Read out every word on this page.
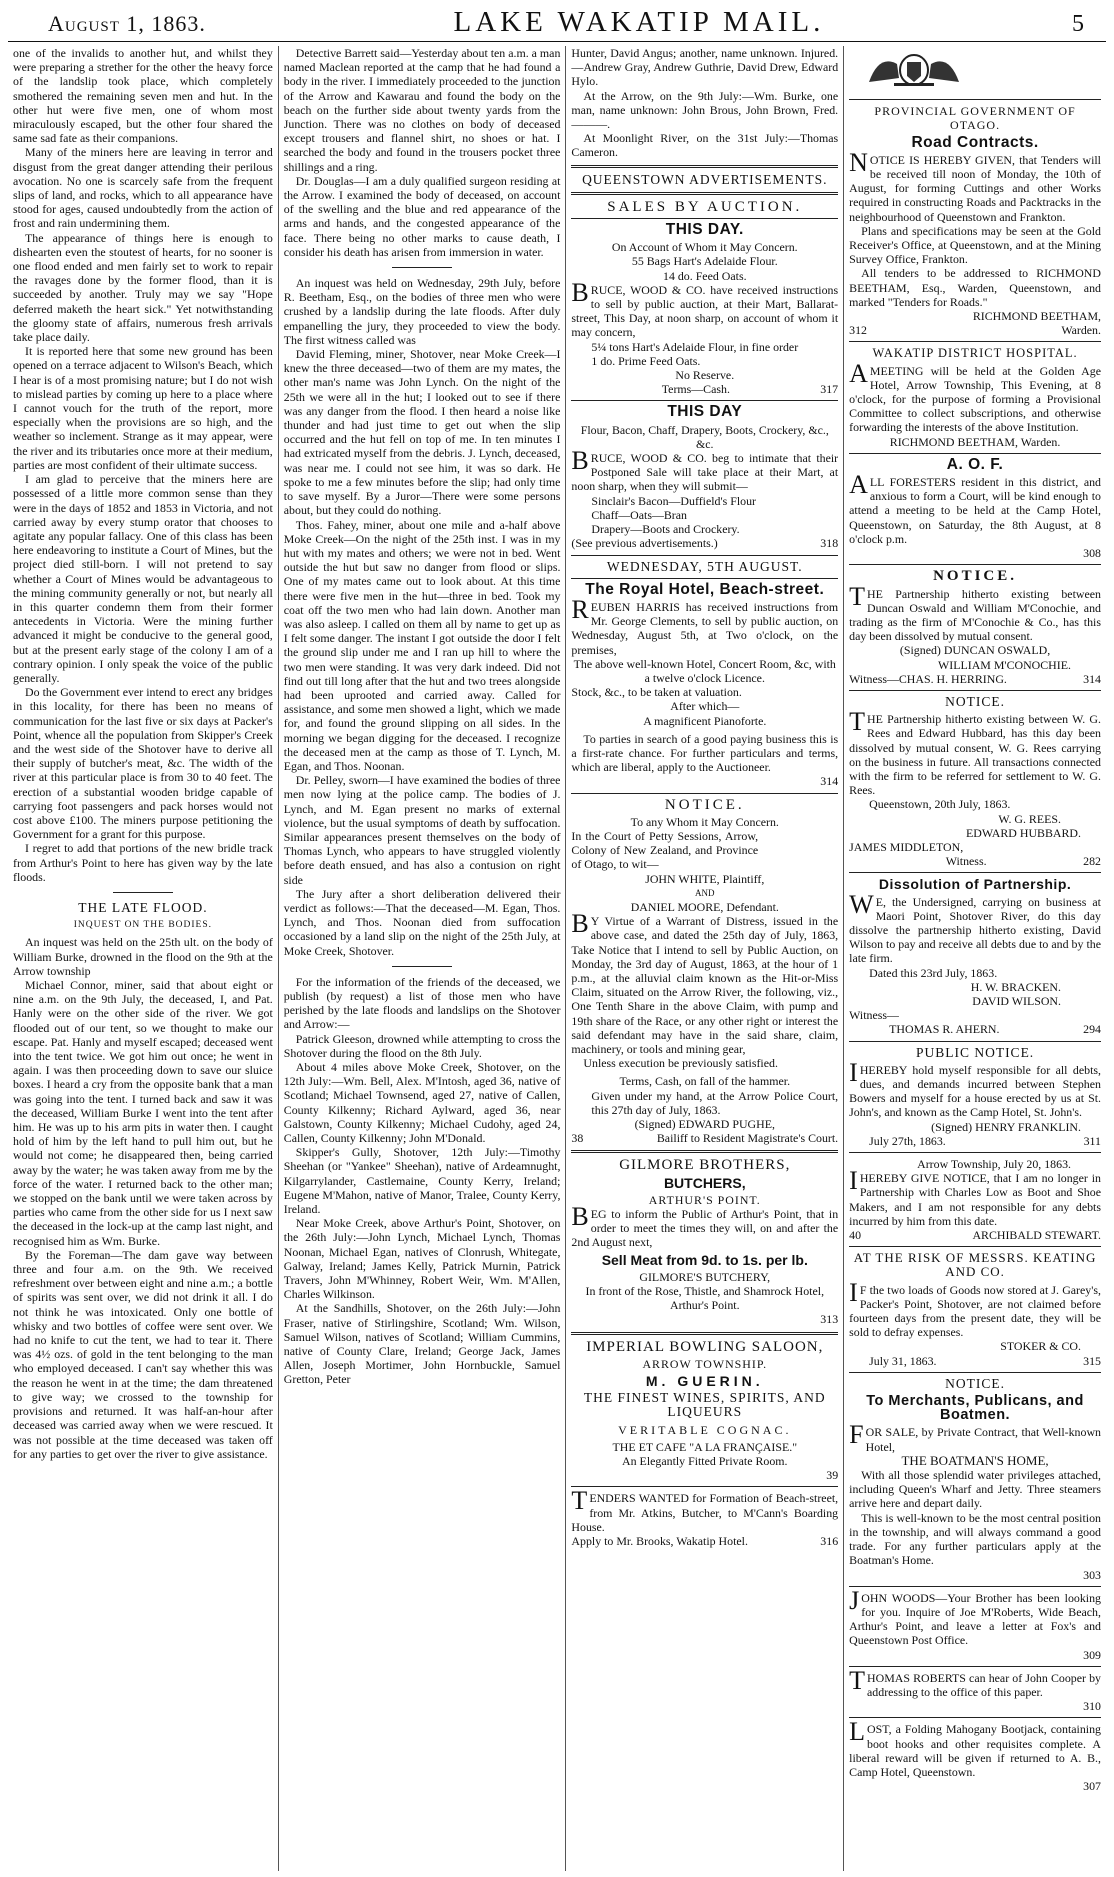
August 1, 1863.	LAKE WAKATIP MAIL.	5

one of the invalids to another hut, and whilst they were preparing a strether for the other the heavy force of the landslip took place, which completely smothered the remaining seven men and hut. In the other hut were five men, one of whom most miraculously escaped, but the other four shared the same sad fate as their companions.

Many of the miners here are leaving in terror and disgust from the great danger attending their perilous avocation. No one is scarcely safe from the frequent slips of land, and rocks, which to all appearance have stood for ages, caused undoubtedly from the action of frost and rain undermining them.

The appearance of things here is enough to dishearten even the stoutest of hearts, for no sooner is one flood ended and men fairly set to work to repair the ravages done by the former flood, than it is succeeded by another. Truly may we say "Hope deferred maketh the heart sick." Yet notwithstanding the gloomy state of affairs, numerous fresh arrivals take place daily.

It is reported here that some new ground has been opened on a terrace adjacent to Wilson's Beach, which I hear is of a most promising nature; but I do not wish to mislead parties by coming up here to a place where I cannot vouch for the truth of the report, more especially when the provisions are so high, and the weather so inclement. Strange as it may appear, were the river and its tributaries once more at their medium, parties are most confident of their ultimate success.

I am glad to perceive that the miners here are possessed of a little more common sense than they were in the days of 1852 and 1853 in Victoria, and not carried away by every stump orator that chooses to agitate any popular fallacy. One of this class has been here endeavoring to institute a Court of Mines, but the project died still-born. I will not pretend to say whether a Court of Mines would be advantageous to the mining community generally or not, but nearly all in this quarter condemn them from their former antecedents in Victoria. Were the mining further advanced it might be conducive to the general good, but at the present early stage of the colony I am of a contrary opinion. I only speak the voice of the public generally.

Do the Government ever intend to erect any bridges in this locality, for there has been no means of communication for the last five or six days at Packer's Point, whence all the population from Skipper's Creek and the west side of the Shotover have to derive all their supply of butcher's meat, &c. The width of the river at this particular place is from 30 to 40 feet. The erection of a substantial wooden bridge capable of carrying foot passengers and pack horses would not cost above £100. The miners purpose petitioning the Government for a grant for this purpose.

I regret to add that portions of the new bridle track from Arthur's Point to here has given way by the late floods.

THE LATE FLOOD.
INQUEST ON THE BODIES.

An inquest was held on the 25th ult. on the body of William Burke, drowned in the flood on the 9th at the Arrow township

Michael Connor, miner, said that about eight or nine a.m. on the 9th July, the deceased, I, and Pat. Hanly were on the other side of the river. We got flooded out of our tent, so we thought to make our escape. Pat. Hanly and myself escaped; deceased went into the tent twice. We got him out once; he went in again. I was then proceeding down to save our sluice boxes. I heard a cry from the opposite bank that a man was going into the tent. I turned back and saw it was the deceased, William Burke I went into the tent after him. He was up to his arm pits in water then. I caught hold of him by the left hand to pull him out, but he would not come; he disappeared then, being carried away by the water; he was taken away from me by the force of the water. I returned back to the other man; we stopped on the bank until we were taken across by parties who came from the other side for us I next saw the deceased in the lock-up at the camp last night, and recognised him as Wm. Burke.

By the Foreman—The dam gave way between three and four a.m. on the 9th. We received refreshment over between eight and nine a.m.; a bottle of spirits was sent over, we did not drink it all. I do not think he was intoxicated. Only one bottle of whisky and two bottles of coffee were sent over. We had no knife to cut the tent, we had to tear it. There was 4½ ozs. of gold in the tent belonging to the man who employed deceased. I can't say whether this was the reason he went in at the time; the dam threatened to give way; we crossed to the township for provisions and returned. It was half-an-hour after deceased was carried away when we were rescued. It was not possible at the time deceased was taken off for any parties to get over the river to give assistance.

Detective Barrett said—Yesterday about ten a.m. a man named Maclean reported at the camp that he had found a body in the river. I immediately proceeded to the junction of the Arrow and Kawarau and found the body on the beach on the further side about twenty yards from the Junction. There was no clothes on body of deceased except trousers and flannel shirt, no shoes or hat. I searched the body and found in the trousers pocket three shillings and a ring.

Dr. Douglas—I am a duly qualified surgeon residing at the Arrow. I examined the body of deceased, on account of the swelling and the blue and red appearance of the arms and hands, and the congested appearance of the face. There being no other marks to cause death, I consider his death has arisen from immersion in water.

An inquest was held on Wednesday, 29th July, before R. Beetham, Esq., on the bodies of three men who were crushed by a landslip during the late floods. After duly empanelling the jury, they proceeded to view the body. The first witness called was

David Fleming, miner, Shotover, near Moke Creek—I knew the three deceased—two of them are my mates, the other man's name was John Lynch. On the night of the 25th we were all in the hut; I looked out to see if there was any danger from the flood. I then heard a noise like thunder and had just time to get out when the slip occurred and the hut fell on top of me. In ten minutes I had extricated myself from the debris. J. Lynch, deceased, was near me. I could not see him, it was so dark. He spoke to me a few minutes before the slip; had only time to save myself. By a Juror—There were some persons about, but they could do nothing.

Thos. Fahey, miner, about one mile and a-half above Moke Creek—On the night of the 25th inst. I was in my hut with my mates and others; we were not in bed. Went outside the hut but saw no danger from flood or slips. One of my mates came out to look about. At this time there were five men in the hut—three in bed. Took my coat off the two men who had lain down. Another man was also asleep. I called on them all by name to get up as I felt some danger. The instant I got outside the door I felt the ground slip under me and I ran up hill to where the two men were standing. It was very dark indeed. Did not find out till long after that the hut and two trees alongside had been uprooted and carried away. Called for assistance, and some men showed a light, which we made for, and found the ground slipping on all sides. In the morning we began digging for the deceased. I recognize the deceased men at the camp as those of T. Lynch, M. Egan, and Thos. Noonan.

Dr. Pelley, sworn—I have examined the bodies of three men now lying at the police camp. The bodies of J. Lynch, and M. Egan present no marks of external violence, but the usual symptoms of death by suffocation. Similar appearances present themselves on the body of Thomas Lynch, who appears to have struggled violently before death ensued, and has also a contusion on right side

The Jury after a short deliberation delivered their verdict as follows:—That the deceased—M. Egan, Thos. Lynch, and Thos. Noonan died from suffocation occasioned by a land slip on the night of the 25th July, at Moke Creek, Shotover.

For the information of the friends of the deceased, we publish (by request) a list of those men who have perished by the late floods and landslips on the Shotover and Arrow:—

Patrick Gleeson, drowned while attempting to cross the Shotover during the flood on the 8th July.

About 4 miles above Moke Creek, Shotover, on the 12th July:—Wm. Bell, Alex. M'Intosh, aged 36, native of Scotland; Michael Townsend, aged 27, native of Callen, County Kilkenny; Richard Aylward, aged 36, near Galstown, County Kilkenny; Michael Cudohy, aged 24, Callen, County Kilkenny; John M'Donald.

Skipper's Gully, Shotover, 12th July:—Timothy Sheehan (or "Yankee" Sheehan), native of Ardeamnught, Kilgarrylander, Castlemaine, County Kerry, Ireland; Eugene M'Mahon, native of Manor, Tralee, County Kerry, Ireland.

Near Moke Creek, above Arthur's Point, Shotover, on the 26th July:—John Lynch, Michael Lynch, Thomas Noonan, Michael Egan, natives of Clonrush, Whitegate, Galway, Ireland; James Kelly, Patrick Murnin, Patrick Travers, John M'Whinney, Robert Weir, Wm. M'Allen, Charles Wilkinson.

At the Sandhills, Shotover, on the 26th July:—John Fraser, native of Stirlingshire, Scotland; Wm. Wilson, Samuel Wilson, natives of Scotland; William Cummins, native of County Clare, Ireland; George Jack, James Allen, Joseph Mortimer, John Hornbuckle, Samuel Gretton, Peter

Hunter, David Angus; another, name unknown. Injured.—Andrew Gray, Andrew Guthrie, David Drew, Edward Hylo.

At the Arrow, on the 9th July:—Wm. Burke, one man, name unknown: John Brous, John Brown, Fred. ———.

At Moonlight River, on the 31st July:—Thomas Cameron.

QUEENSTOWN ADVERTISEMENTS.
SALES BY AUCTION.
THIS DAY.
On Account of Whom it May Concern.
55 Bags Hart's Adelaide Flour.
14 do. Feed Oats.

BRUCE, WOOD & CO. have received instructions to sell by public auction, at their Mart, Ballarat-street, This Day, at noon sharp, on account of whom it may concern,

5¼ tons Hart's Adelaide Flour, in fine order
1 do. Prime Feed Oats.
No Reserve.
Terms—Cash.	317
THIS DAY
Flour, Bacon, Chaff, Drapery, Boots, Crockery, &c., &c.

BRUCE, WOOD & CO. beg to intimate that their Postponed Sale will take place at their Mart, at noon sharp, when they will submit—

Sinclair's Bacon—Duffield's Flour
Chaff—Oats—Bran
Drapery—Boots and Crockery.
(See previous advertisements.)	318
WEDNESDAY, 5TH AUGUST.
The Royal Hotel, Beach-street.

REUBEN HARRIS has received instructions from Mr. George Clements, to sell by public auction, on Wednesday, August 5th, at Two o'clock, on the premises,

The above well-known Hotel, Concert Room, &c, with a twelve o'clock Licence.
Stock, &c., to be taken at valuation.
After which—
A magnificent Pianoforte.

To parties in search of a good paying business this is a first-rate chance. For further particulars and terms, which are liberal, apply to the Auctioneer.

314
NOTICE.
To any Whom it May Concern.

In the Court of Petty Sessions, Arrow, Colony of New Zealand, and Province of Otago, to wit—

JOHN WHITE, Plaintiff,
AND
DANIEL MOORE, Defendant.

BY Virtue of a Warrant of Distress, issued in the above case, and dated the 25th day of July, 1863, Take Notice that I intend to sell by Public Auction, on Monday, the 3rd day of August, 1863, at the hour of 1 p.m., at the alluvial claim known as the Hit-or-Miss Claim, situated on the Arrow River, the following, viz., One Tenth Share in the above Claim, with pump and 19th share of the Race, or any other right or interest the said defendant may have in the said share, claim, machinery, or tools and mining gear,

Unless execution be previously satisfied.

Terms, Cash, on fall of the hammer.
Given under my hand, at the Arrow Police Court, this 27th day of July, 1863.
(Signed) EDWARD PUGHE,
38	Bailiff to Resident Magistrate's Court.
GILMORE BROTHERS,
BUTCHERS,
ARTHUR'S POINT.

BEG to inform the Public of Arthur's Point, that in order to meet the times they will, on and after the 2nd August next,

Sell Meat from 9d. to 1s. per lb.
GILMORE'S BUTCHERY,
In front of the Rose, Thistle, and Shamrock Hotel, Arthur's Point.
313
IMPERIAL BOWLING SALOON,
ARROW TOWNSHIP.
M. GUERIN.
THE FINEST WINES, SPIRITS, AND LIQUEURS
VERITABLE COGNAC.
THE ET CAFE "A LA FRANÇAISE."
An Elegantly Fitted Private Room.
39

TENDERS WANTED for Formation of Beach-street, from Mr. Atkins, Butcher, to M'Cann's Boarding House.

Apply to Mr. Brooks, Wakatip Hotel.	316
PROVINCIAL GOVERNMENT OF OTAGO.
Road Contracts.

NOTICE IS HEREBY GIVEN, that Tenders will be received till noon of Monday, the 10th of August, for forming Cuttings and other Works required in constructing Roads and Packtracks in the neighbourhood of Queenstown and Frankton.

Plans and specifications may be seen at the Gold Receiver's Office, at Queenstown, and at the Mining Survey Office, Frankton.

All tenders to be addressed to RICHMOND BEETHAM, Esq., Warden, Queenstown, and marked "Tenders for Roads."

RICHMOND BEETHAM,
312	Warden.
WAKATIP DISTRICT HOSPITAL.

AMEETING will be held at the Golden Age Hotel, Arrow Township, This Evening, at 8 o'clock, for the purpose of forming a Provisional Committee to collect subscriptions, and otherwise forwarding the interests of the above Institution.

RICHMOND BEETHAM, Warden.
A. O. F.

ALL FORESTERS resident in this district, and anxious to form a Court, will be kind enough to attend a meeting to be held at the Camp Hotel, Queenstown, on Saturday, the 8th August, at 8 o'clock p.m.

308
NOTICE.

THE Partnership hitherto existing between Duncan Oswald and William M'Conochie, and trading as the firm of M'Conochie & Co., has this day been dissolved by mutual consent.

(Signed) DUNCAN OSWALD,
WILLIAM M'CONOCHIE.
Witness—CHAS. H. HERRING.	314
NOTICE.

THE Partnership hitherto existing between W. G. Rees and Edward Hubbard, has this day been dissolved by mutual consent, W. G. Rees carrying on the business in future. All transactions connected with the firm to be referred for settlement to W. G. Rees.

Queenstown, 20th July, 1863.
W. G. REES.
EDWARD HUBBARD.
JAMES MIDDLETON,
Witness.	282
Dissolution of Partnership.

WE, the Undersigned, carrying on business at Maori Point, Shotover River, do this day dissolve the partnership hitherto existing, David Wilson to pay and receive all debts due to and by the late firm.

Dated this 23rd July, 1863.
H. W. BRACKEN.
DAVID WILSON.
Witness—
THOMAS R. AHERN.	294
PUBLIC NOTICE.

IHEREBY hold myself responsible for all debts, dues, and demands incurred between Stephen Bowers and myself for a house erected by us at St. John's, and known as the Camp Hotel, St. John's.

(Signed) HENRY FRANKLIN.
July 27th, 1863.	311
Arrow Township, July 20, 1863.

IHEREBY GIVE NOTICE, that I am no longer in Partnership with Charles Low as Boot and Shoe Makers, and I am not responsible for any debts incurred by him from this date.

40	ARCHIBALD STEWART.
AT THE RISK OF MESSRS. KEATING AND CO.

IF the two loads of Goods now stored at J. Garey's, Packer's Point, Shotover, are not claimed before fourteen days from the present date, they will be sold to defray expenses.

STOKER & CO.
July 31, 1863.	315
NOTICE.
To Merchants, Publicans, and Boatmen.

FOR SALE, by Private Contract, that Well-known Hotel,

THE BOATMAN'S HOME,

With all those splendid water privileges attached, including Queen's Wharf and Jetty. Three steamers arrive here and depart daily.

This is well-known to be the most central position in the township, and will always command a good trade. For any further particulars apply at the Boatman's Home.

303

JOHN WOODS—Your Brother has been looking for you. Inquire of Joe M'Roberts, Wide Beach, Arthur's Point, and leave a letter at Fox's and Queenstown Post Office.

309

THOMAS ROBERTS can hear of John Cooper by addressing to the office of this paper.

310

LOST, a Folding Mahogany Bootjack, containing boot hooks and other requisites complete. A liberal reward will be given if returned to A. B., Camp Hotel, Queenstown.

307
